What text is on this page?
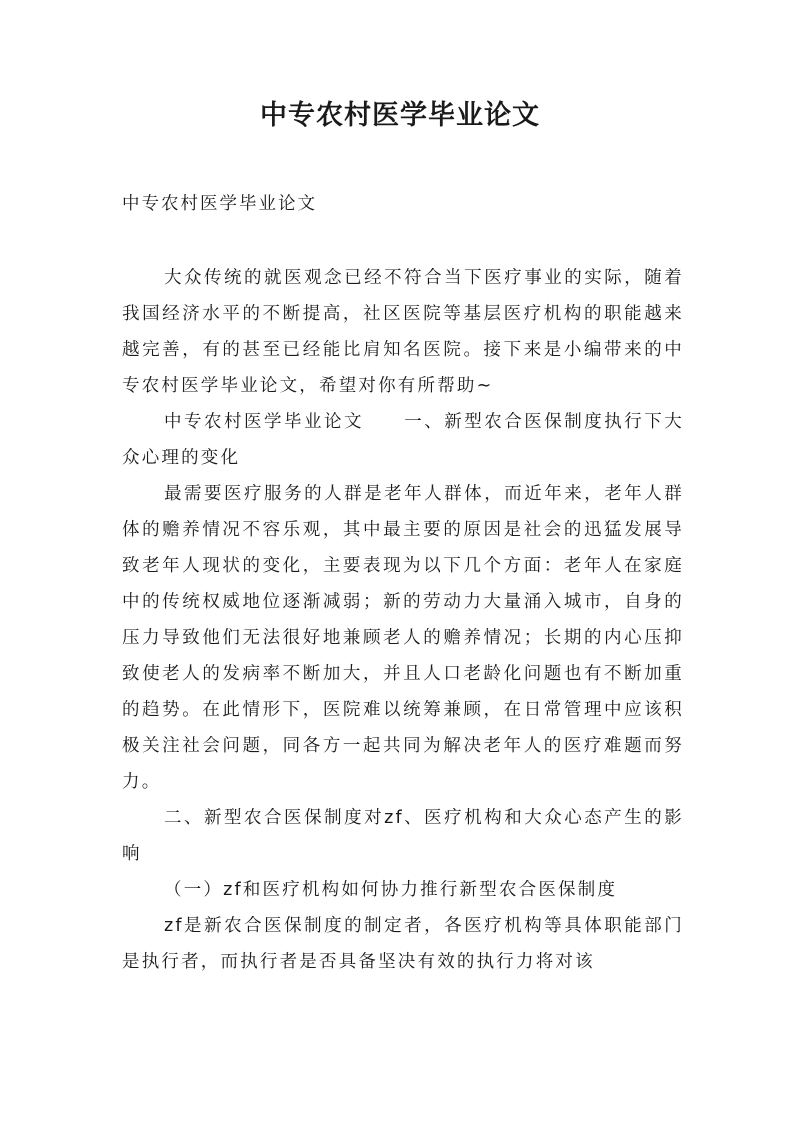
中专农村医学毕业论文

中专农村医学毕业论文

大众传统的就医观念已经不符合当下医疗事业的实际，随着我国经济水平的不断提高，社区医院等基层医疗机构的职能越来越完善，有的甚至已经能比肩知名医院。接下来是小编带来的中专农村医学毕业论文，希望对你有所帮助~

中专农村医学毕业论文 一、新型农合医保制度执行下大众心理的变化

最需要医疗服务的人群是老年人群体，而近年来，老年人群体的赡养情况不容乐观，其中最主要的原因是社会的迅猛发展导致老年人现状的变化，主要表现为以下几个方面：老年人在家庭中的传统权威地位逐渐减弱；新的劳动力大量涌入城市，自身的压力导致他们无法很好地兼顾老人的赡养情况；长期的内心压抑致使老人的发病率不断加大，并且人口老龄化问题也有不断加重的趋势。在此情形下，医院难以统筹兼顾，在日常管理中应该积极关注社会问题，同各方一起共同为解决老年人的医疗难题而努力。

二、新型农合医保制度对zf、医疗机构和大众心态产生的影响

（一）zf和医疗机构如何协力推行新型农合医保制度

zf是新农合医保制度的制定者，各医疗机构等具体职能部门是执行者，而执行者是否具备坚决有效的执行力将对该
